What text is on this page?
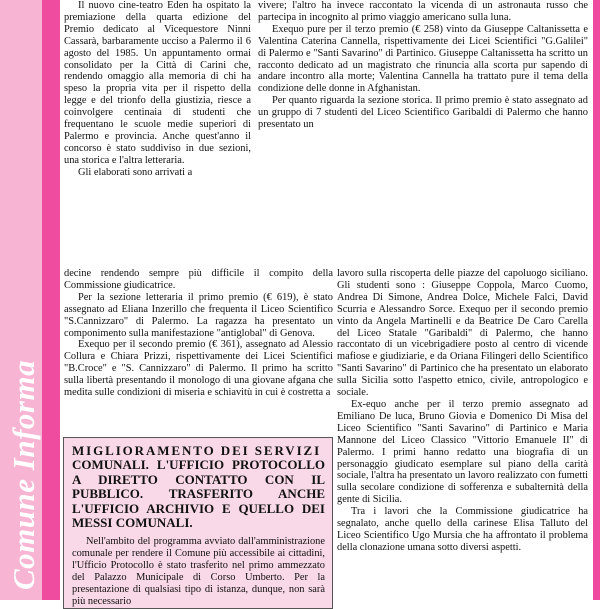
Comune Informa

Il nuovo cine-teatro Eden ha ospitato la premiazione della quarta edizione del Premio dedicato al Vicequestore Ninni Cassarà, barbaramente ucciso a Palermo il 6 agosto del 1985. Un appuntamento ormai consolidato per la Città di Carini che, rendendo omaggio alla memoria di chi ha speso la propria vita per il rispetto della legge e del trionfo della giustizia, riesce a coinvolgere centinaia di studenti che frequentano le scuole medie superiori di Palermo e provincia. Anche quest'anno il concorso è stato suddiviso in due sezioni, una storica e l'altra letteraria.

Gli elaborati sono arrivati a

vivere; l'altro ha invece raccontato la vicenda di un astronauta russo che partecipa in incognito al primo viaggio americano sulla luna.

Exequo pure per il terzo premio (€ 258) vinto da Giuseppe Caltanissetta e Valentina Caterina Cannella, rispettivamente dei Licei Scientifici "G.Galilei" di Palermo e "Santi Savarino" di Partinico. Giuseppe Caltanissetta ha scritto un racconto dedicato ad un magistrato che rinuncia alla scorta pur sapendo di andare incontro alla morte; Valentina Cannella ha trattato pure il tema della condizione delle donne in Afghanistan.

Per quanto riguarda la sezione storica. Il primo premio è stato assegnato ad un gruppo di 7 studenti del Liceo Scientifico Garibaldi di Palermo che hanno presentato un

decine rendendo sempre più difficile il compito della Commissione giudicatrice.

Per la sezione letteraria il primo premio (€ 619), è stato assegnato ad Eliana Inzerillo che frequenta il Liceo Scientifico "S.Cannizzaro" di Palermo. La ragazza ha presentato un componimento sulla manifestazione "antiglobal" di Genova.

Exequo per il secondo premio (€ 361), assegnato ad Alessio Collura e Chiara Prizzi, rispettivamente dei Licei Scientifici "B.Croce" e "S. Cannizzaro" di Palermo. Il primo ha scritto sulla libertà presentando il monologo di una giovane afgana che medita sulle condizioni di miseria e schiavitù in cui è costretta a

lavoro sulla riscoperta delle piazze del capoluogo siciliano. Gli studenti sono : Giuseppe Coppola, Marco Cuomo, Andrea Di Simone, Andrea Dolce, Michele Falci, David Scurria e Alessandro Sorce. Exequo per il secondo premio vinto da Angela Martinelli e da Beatrice De Caro Carella del Liceo Statale "Garibaldi" di Palermo, che hanno raccontato di un vicebrigadiere posto al centro di vicende mafiose e giudiziarie, e da Oriana Filingeri dello Scientifico "Santi Savarino" di Partinico che ha presentato un elaborato sulla Sicilia sotto l'aspetto etnico, civile, antropologico e sociale.

Ex-equo anche per il terzo premio assegnato ad Emiliano De luca, Bruno Giovia e Domenico Di Misa del Liceo Scientifico "Santi Savarino" di Partinico e Maria Mannone del Liceo Classico "Vittorio Emanuele II" di Palermo. I primi hanno redatto una biografia di un personaggio giudicato esemplare sul piano della carità sociale, l'altra ha presentato un lavoro realizzato con fumetti sulla secolare condizione di sofferenza e subalternità della gente di Sicilia.

Tra i lavori che la Commissione giudicatrice ha segnalato, anche quello della carinese Elisa Talluto del Liceo Scientifico Ugo Mursia che ha affrontato il problema della clonazione umana sotto diversi aspetti.

MIGLIORAMENTO DEI SERVIZI
COMUNALI. L'UFFICIO PROTOCOLLO A DIRETTO CONTATTO CON IL PUBBLICO. TRASFERITO ANCHE L'UFFICIO ARCHIVIO E QUELLO DEI MESSI COMUNALI.

Nell'ambito del programma avviato dall'amministrazione comunale per rendere il Comune più accessibile ai cittadini, l'Ufficio Protocollo è stato trasferito nel primo ammezzato del Palazzo Municipale di Corso Umberto. Per la presentazione di qualsiasi tipo di istanza, dunque, non sarà più necessario
